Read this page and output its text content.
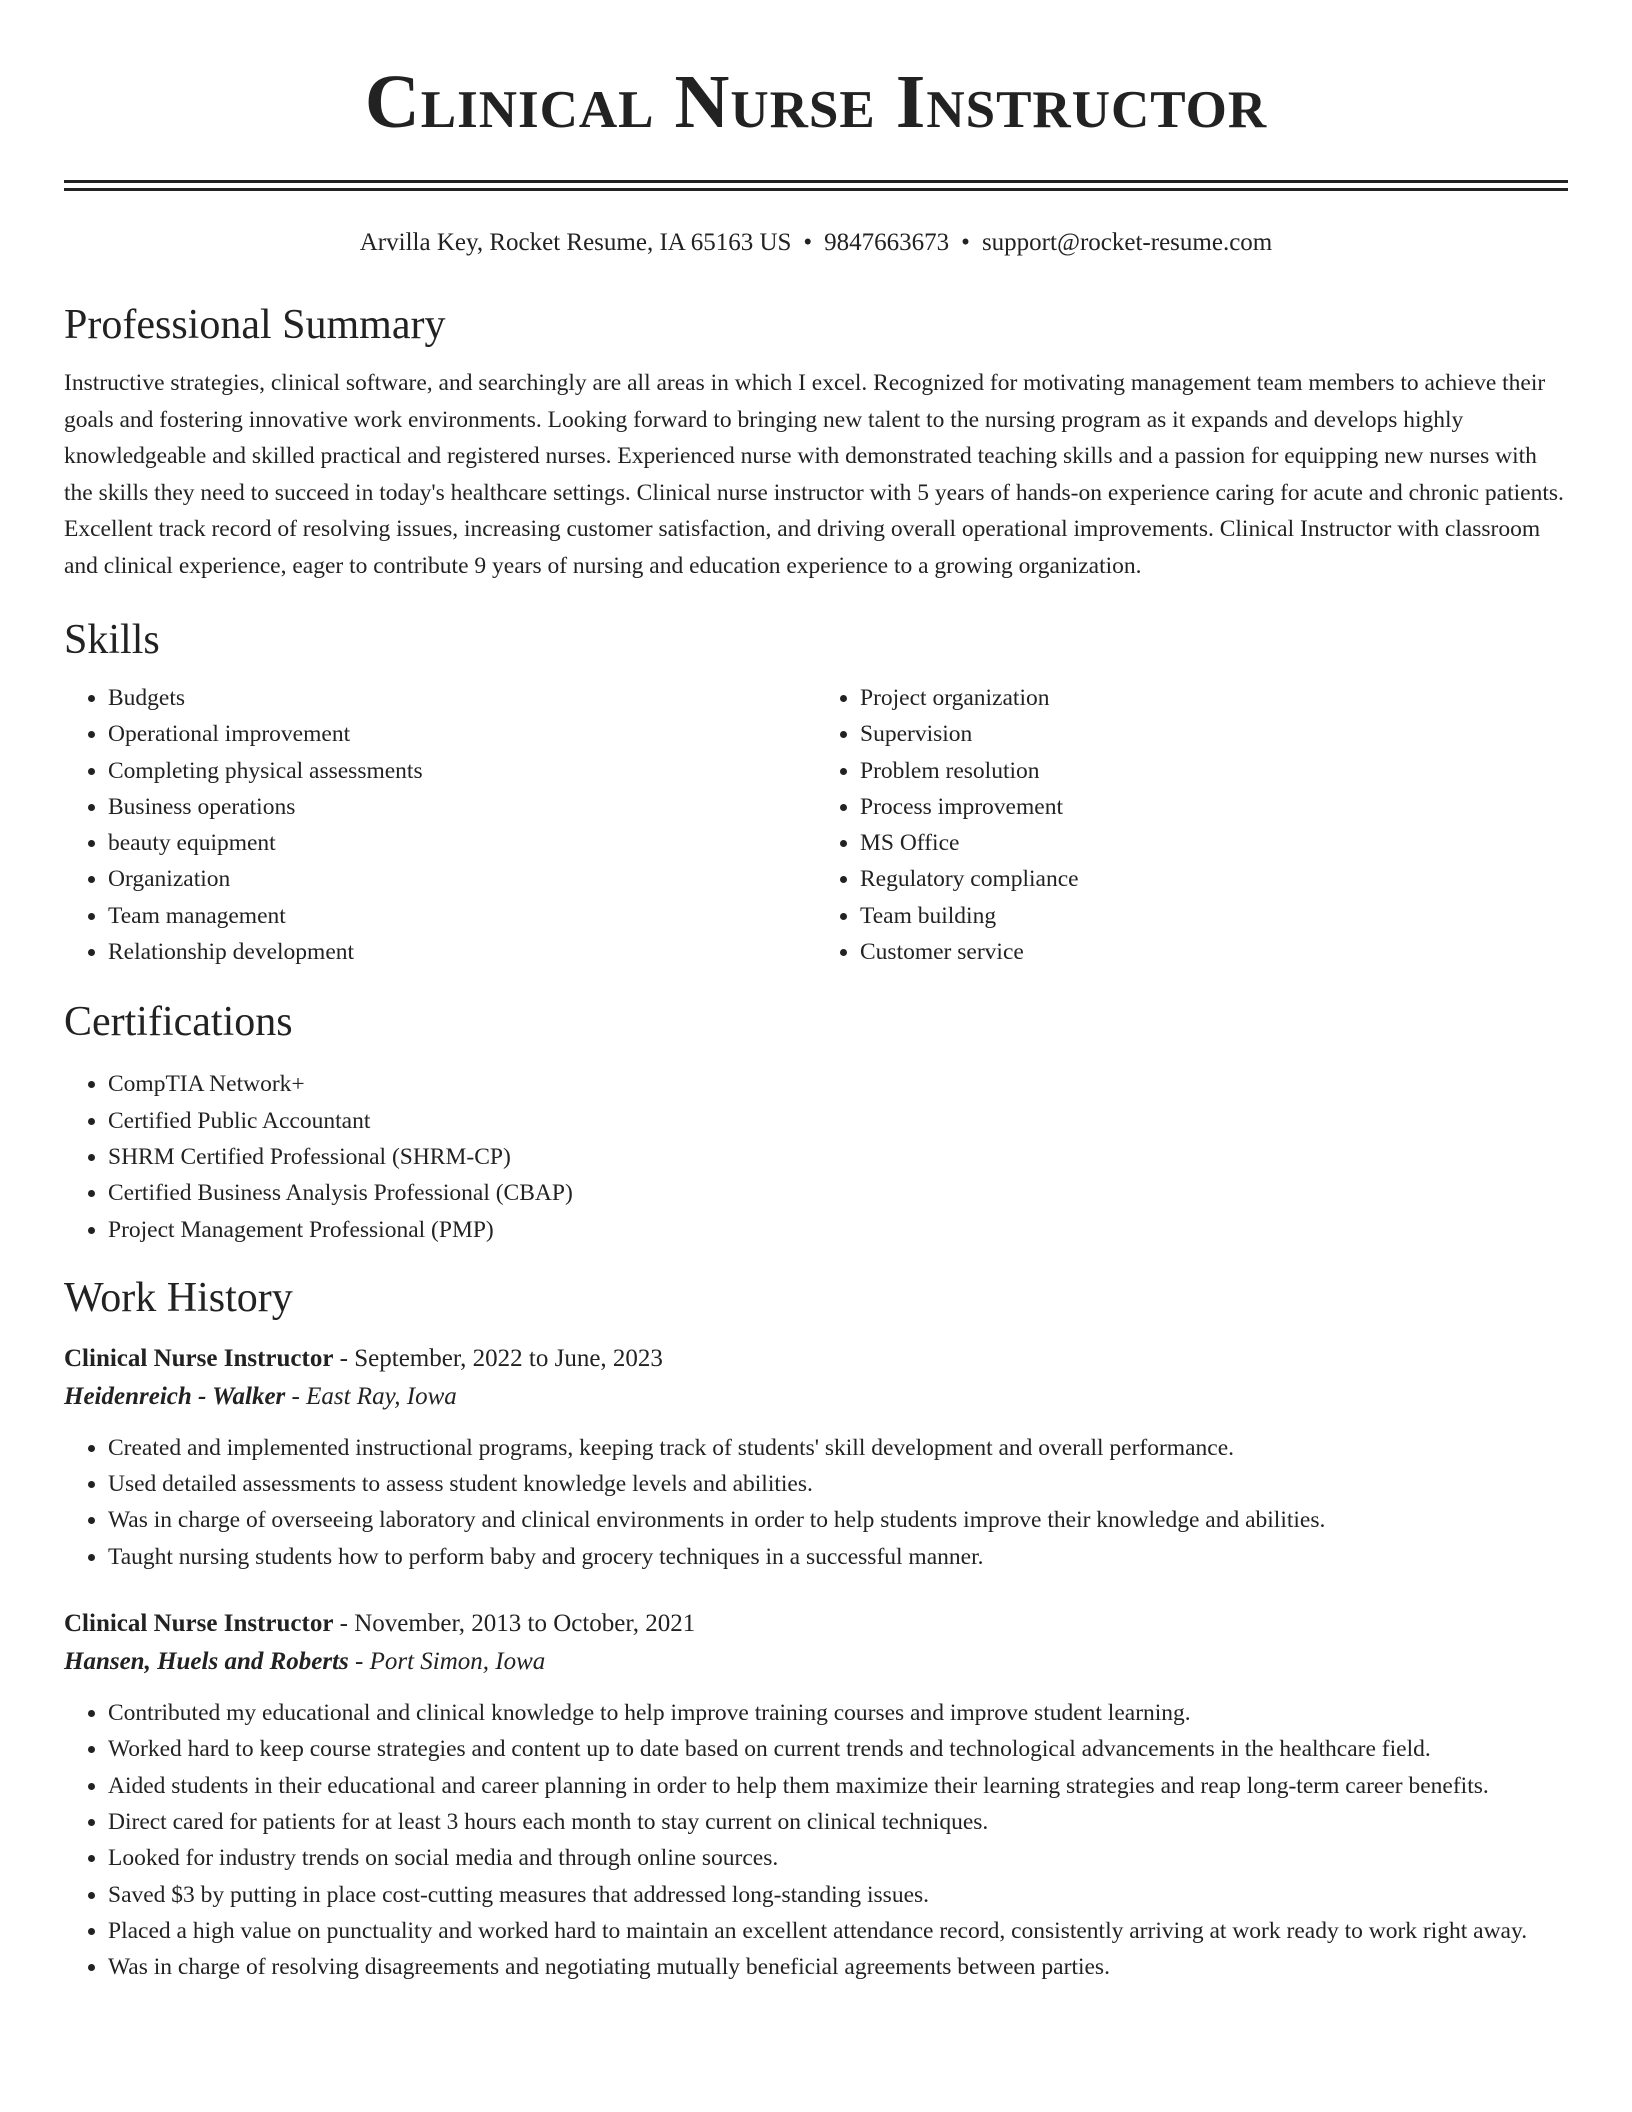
Clinical Nurse Instructor
Arvilla Key, Rocket Resume, IA 65163 US • 9847663673 • support@rocket-resume.com
Professional Summary

Instructive strategies, clinical software, and searchingly are all areas in which I excel. Recognized for motivating management team members to achieve their goals and fostering innovative work environments. Looking forward to bringing new talent to the nursing program as it expands and develops highly knowledgeable and skilled practical and registered nurses. Experienced nurse with demonstrated teaching skills and a passion for equipping new nurses with the skills they need to succeed in today's healthcare settings. Clinical nurse instructor with 5 years of hands-on experience caring for acute and chronic patients. Excellent track record of resolving issues, increasing customer satisfaction, and driving overall operational improvements. Clinical Instructor with classroom and clinical experience, eager to contribute 9 years of nursing and education experience to a growing organization.

Skills
• Budgets
• Operational improvement
• Completing physical assessments
• Business operations
• beauty equipment
• Organization
• Team management
• Relationship development
• Project organization
• Supervision
• Problem resolution
• Process improvement
• MS Office
• Regulatory compliance
• Team building
• Customer service
Certifications
• CompTIA Network+
• Certified Public Accountant
• SHRM Certified Professional (SHRM-CP)
• Certified Business Analysis Professional (CBAP)
• Project Management Professional (PMP)
Work History
Clinical Nurse Instructor - September, 2022 to June, 2023
Heidenreich - Walker - East Ray, Iowa
• Created and implemented instructional programs, keeping track of students' skill development and overall performance.
• Used detailed assessments to assess student knowledge levels and abilities.
• Was in charge of overseeing laboratory and clinical environments in order to help students improve their knowledge and abilities.
• Taught nursing students how to perform baby and grocery techniques in a successful manner.
Clinical Nurse Instructor - November, 2013 to October, 2021
Hansen, Huels and Roberts - Port Simon, Iowa
• Contributed my educational and clinical knowledge to help improve training courses and improve student learning.
• Worked hard to keep course strategies and content up to date based on current trends and technological advancements in the healthcare field.
• Aided students in their educational and career planning in order to help them maximize their learning strategies and reap long-term career benefits.
• Direct cared for patients for at least 3 hours each month to stay current on clinical techniques.
• Looked for industry trends on social media and through online sources.
• Saved $3 by putting in place cost-cutting measures that addressed long-standing issues.
• Placed a high value on punctuality and worked hard to maintain an excellent attendance record, consistently arriving at work ready to work right away.
• Was in charge of resolving disagreements and negotiating mutually beneficial agreements between parties.
